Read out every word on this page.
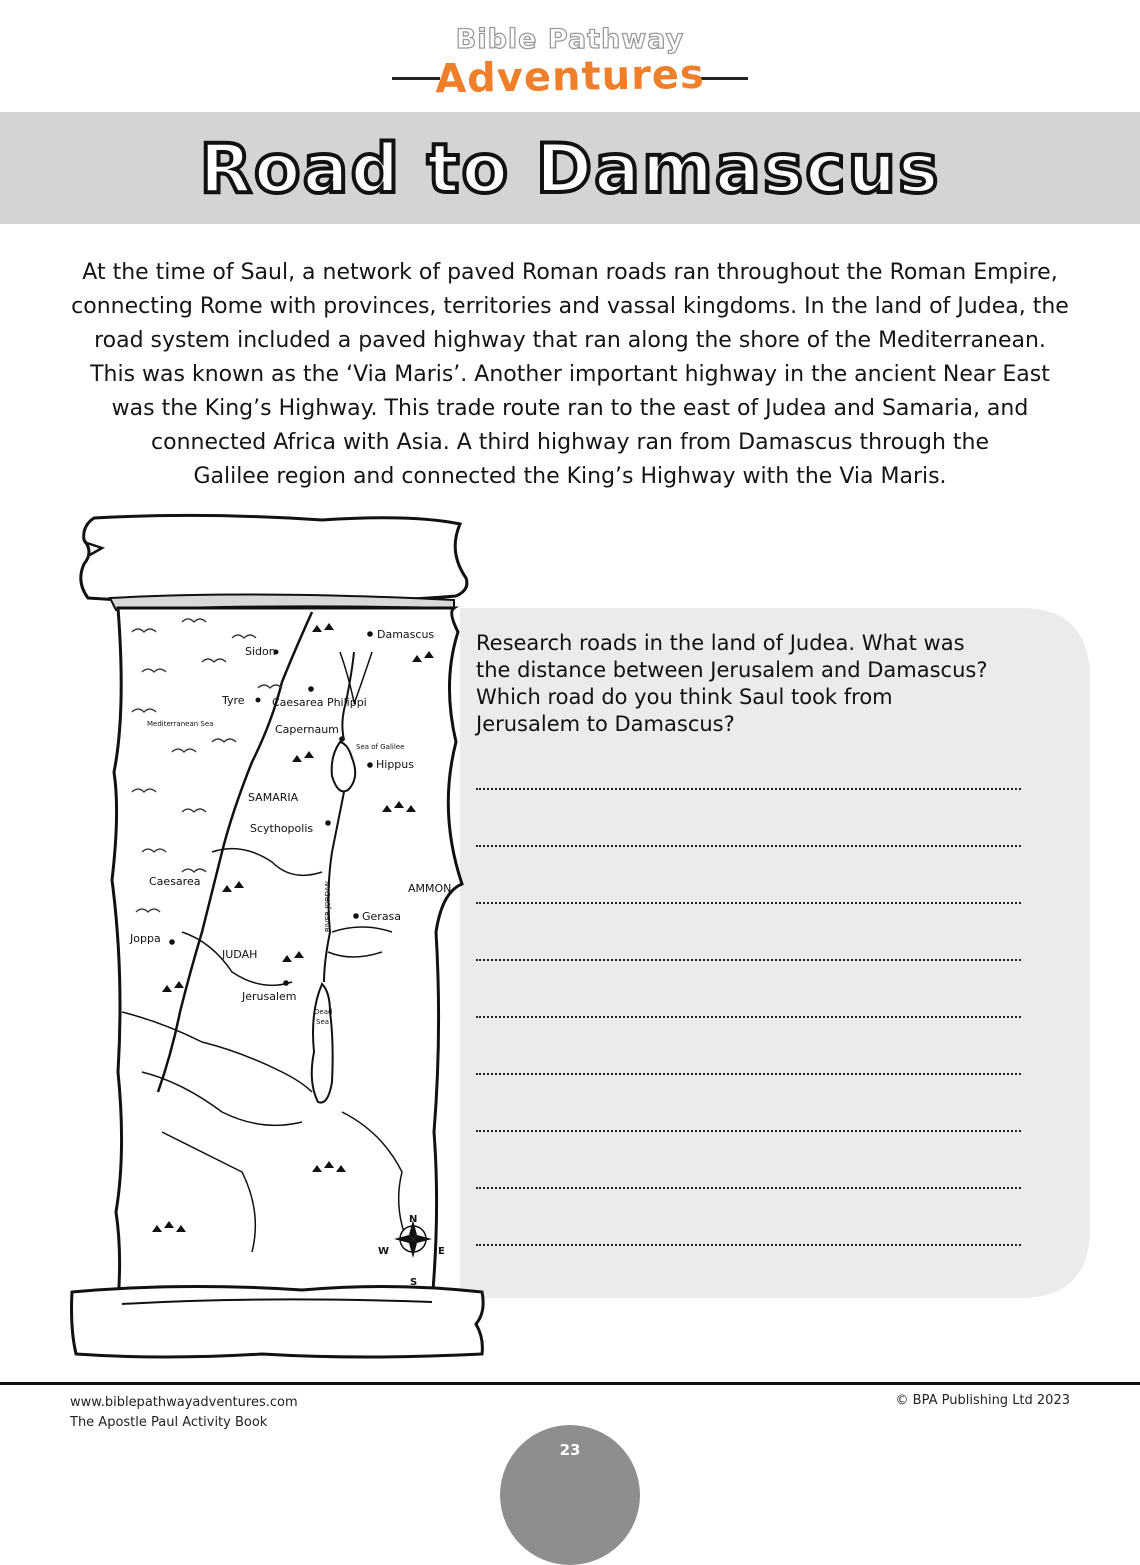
Bible Pathway
Adventures
Road to Damascus
At the time of Saul, a network of paved Roman roads ran throughout the Roman Empire,
connecting Rome with provinces, territories and vassal kingdoms. In the land of Judea, the
road system included a paved highway that ran along the shore of the Mediterranean.
This was known as the ‘Via Maris’. Another important highway in the ancient Near East
was the King’s Highway. This trade route ran to the east of Judea and Samaria, and
connected Africa with Asia. A third highway ran from Damascus through the
Galilee region and connected the King’s Highway with the Via Maris.
Damascus
Sidon
Tyre Caesarea Philippi
Mediterranean Sea	Capernaum
Sea of Galilee
Hippus
SAMARIA
Scythopolis
Caesarea
AMMON
RIVER JORDAN	Gerasa
Joppa
JUDAH
Jerusalem
Dead
Sea
N
S
E
W
Research roads in the land of Judea. What was
the distance between Jerusalem and Damascus?
Which road do you think Saul took from
Jerusalem to Damascus?
www.biblepathwayadventures.com
The Apostle Paul Activity Book
© BPA Publishing Ltd 2023
23
